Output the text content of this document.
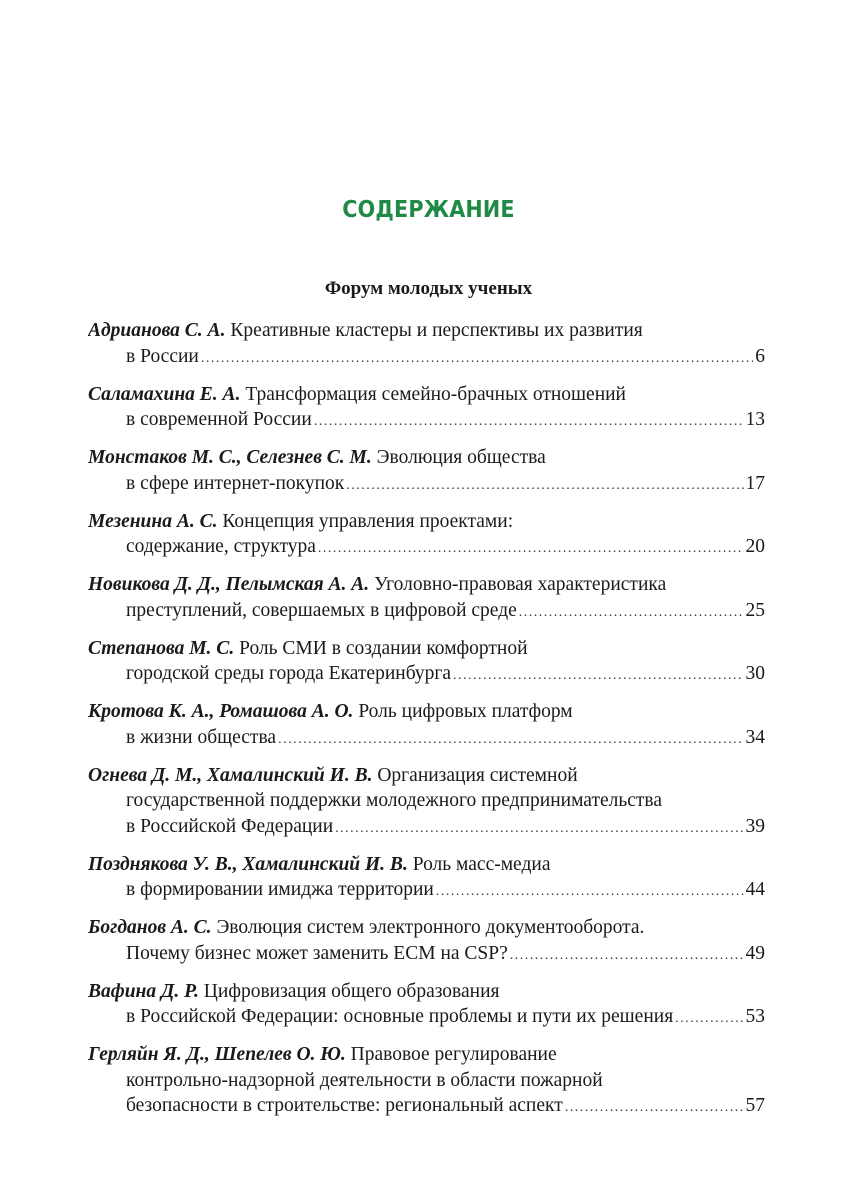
СОДЕРЖАНИЕ
Форум молодых ученых
Адрианова С. А. Креативные кластеры и перспективы их развития
в России .....	6
Саламахина Е. А. Трансформация семейно-брачных отношений
в современной России .....	13
Монстаков М. С., Селезнев С. М. Эволюция общества
в сфере интернет-покупок .....	17
Мезенина А. С. Концепция управления проектами:
содержание, структура .....	20
Новикова Д. Д., Пелымская А. А. Уголовно-правовая характеристика
преступлений, совершаемых в цифровой среде .....	25
Степанова М. С. Роль СМИ в создании комфортной
городской среды города Екатеринбурга .....	30
Кротова К. А., Ромашова А. О. Роль цифровых платформ
в жизни общества .....	34
Огнева Д. М., Хамалинский И. В. Организация системной
государственной поддержки молодежного предпринимательства
в Российской Федерации .....	39
Позднякова У. В., Хамалинский И. В. Роль масс-медиа
в формировании имиджа территории .....	44
Богданов А. С. Эволюция систем электронного документооборота.
Почему бизнес может заменить ECM на CSP? .....	49
Вафина Д. Р. Цифровизация общего образования
в Российской Федерации: основные проблемы и пути их решения .....	53
Герляйн Я. Д., Шепелев О. Ю. Правовое регулирование
контрольно-надзорной деятельности в области пожарной
безопасности в строительстве: региональный аспект .....	57
